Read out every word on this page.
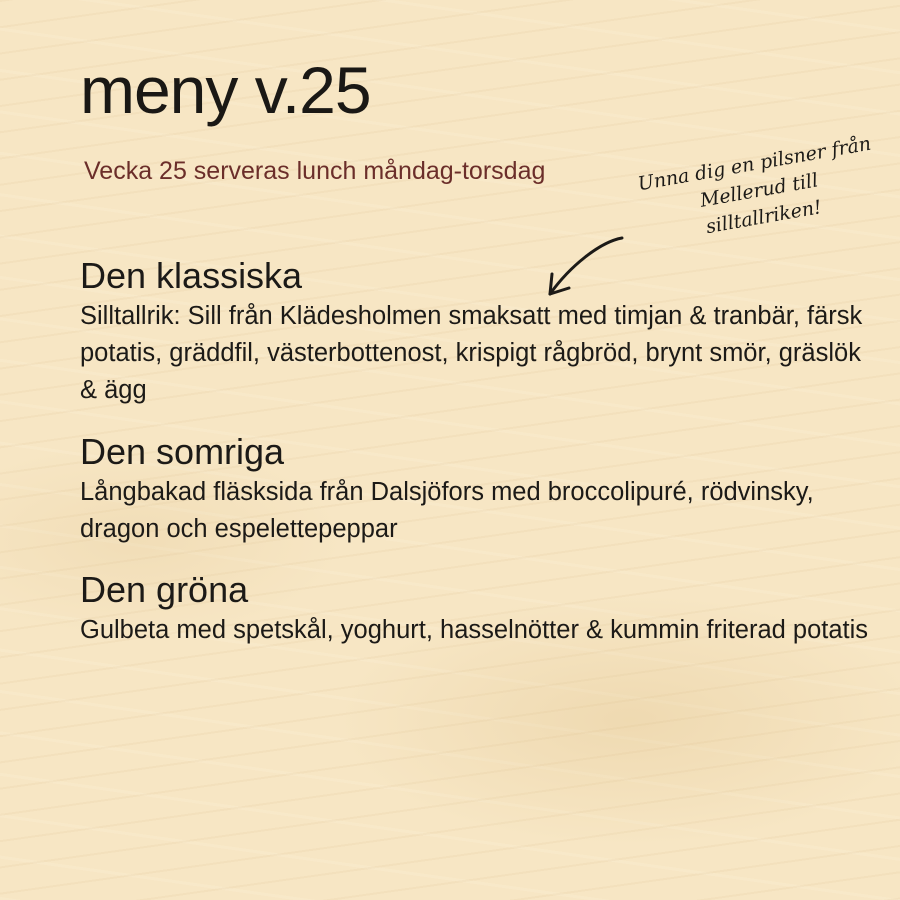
meny v.25

Vecka 25 serveras lunch måndag-torsdag	Unna dig en pilsner från Mellerud till silltallriken!
Den klassiska

Silltallrik: Sill från Klädesholmen smaksatt med timjan & tranbär, färsk potatis, gräddfil, västerbottenost, krispigt rågbröd, brynt smör, gräslök & ägg

Den somriga

Långbakad fläsksida från Dalsjöfors med broccolipuré, rödvinsky, dragon och espelettepeppar

Den gröna

Gulbeta med spetskål, yoghurt, hasselnötter & kummin friterad potatis
